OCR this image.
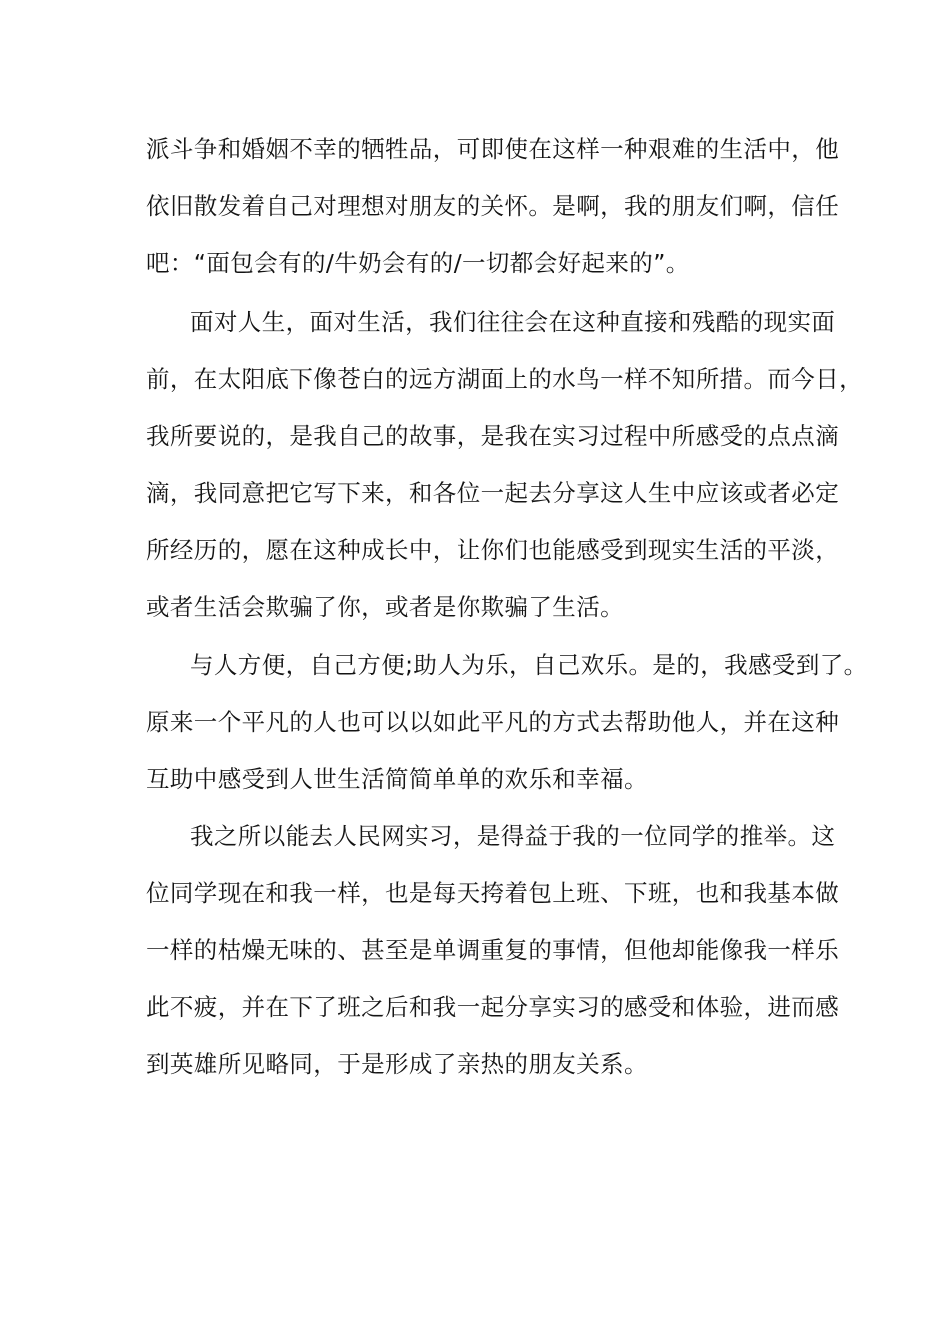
派斗争和婚姻不幸的牺牲品，可即使在这样一种艰难的生活中，他
依旧散发着自己对理想对朋友的关怀。是啊，我的朋友们啊，信任
吧：“面包会有的/牛奶会有的/一切都会好起来的”。
面对人生，面对生活，我们往往会在这种直接和残酷的现实面
前，在太阳底下像苍白的远方湖面上的水鸟一样不知所措。而今日，
我所要说的，是我自己的故事，是我在实习过程中所感受的点点滴
滴，我同意把它写下来，和各位一起去分享这人生中应该或者必定
所经历的，愿在这种成长中，让你们也能感受到现实生活的平淡，
或者生活会欺骗了你，或者是你欺骗了生活。
与人方便，自己方便;助人为乐，自己欢乐。是的，我感受到了。
原来一个平凡的人也可以以如此平凡的方式去帮助他人，并在这种
互助中感受到人世生活简简单单的欢乐和幸福。
我之所以能去人民网实习，是得益于我的一位同学的推举。这
位同学现在和我一样，也是每天挎着包上班、下班，也和我基本做
一样的枯燥无味的、甚至是单调重复的事情，但他却能像我一样乐
此不疲，并在下了班之后和我一起分享实习的感受和体验，进而感
到英雄所见略同，于是形成了亲热的朋友关系。
